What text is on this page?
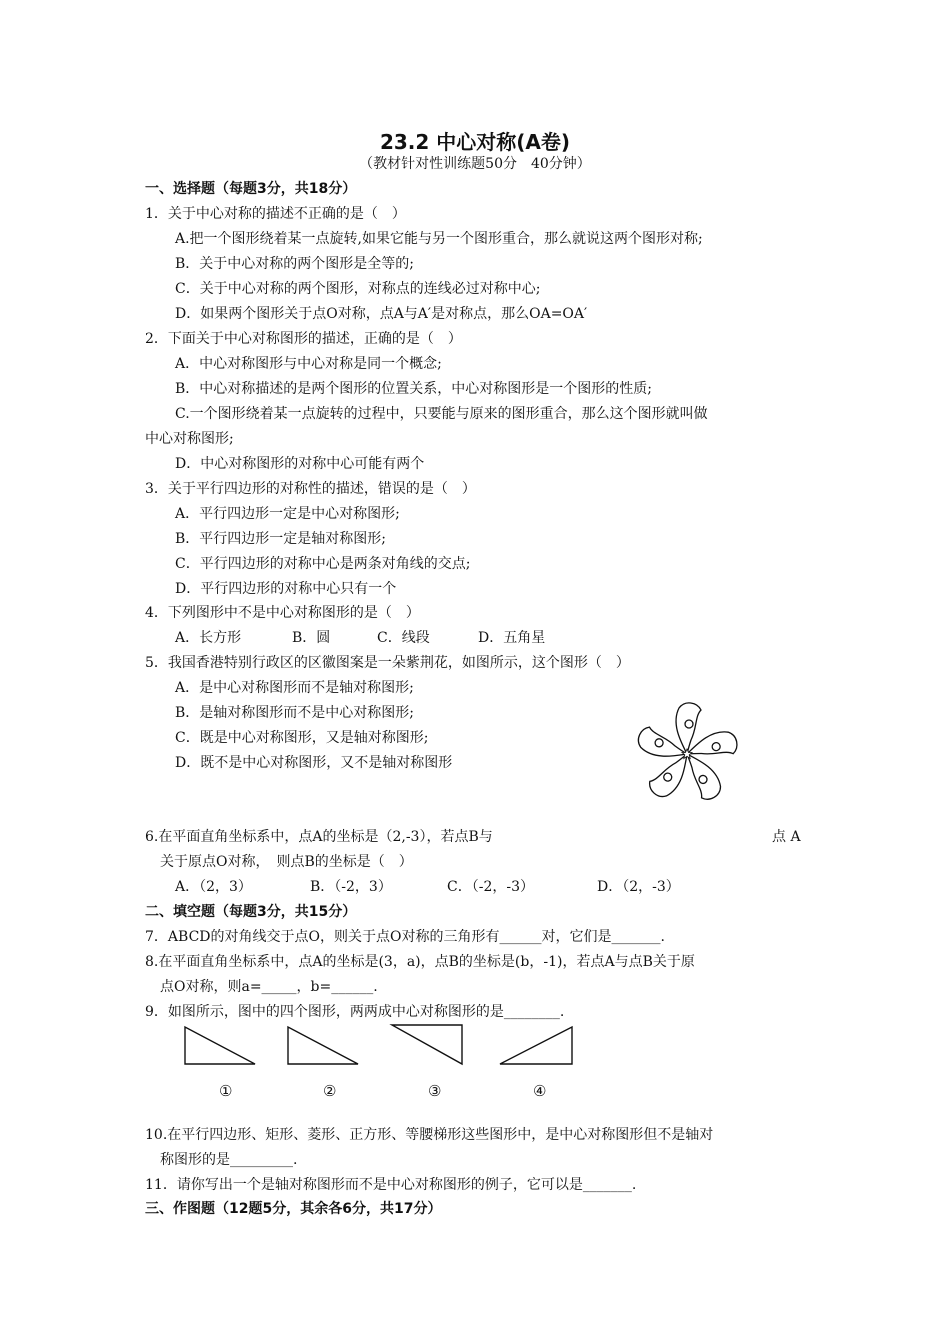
23.2 中心对称(A卷)
（教材针对性训练题50分　40分钟）
一、选择题（每题3分，共18分）
1．关于中心对称的描述不正确的是（　）
A.把一个图形绕着某一点旋转,如果它能与另一个图形重合，那么就说这两个图形对称;
B．关于中心对称的两个图形是全等的;
C．关于中心对称的两个图形，对称点的连线必过对称中心;
D．如果两个图形关于点O对称，点A与A′是对称点，那么OA=OA′
2．下面关于中心对称图形的描述，正确的是（　）
A．中心对称图形与中心对称是同一个概念;
B．中心对称描述的是两个图形的位置关系，中心对称图形是一个图形的性质;
C.一个图形绕着某一点旋转的过程中，只要能与原来的图形重合，那么这个图形就叫做
中心对称图形;
D．中心对称图形的对称中心可能有两个
3．关于平行四边形的对称性的描述，错误的是（　）
A．平行四边形一定是中心对称图形;
B．平行四边形一定是轴对称图形;
C．平行四边形的对称中心是两条对角线的交点;
D．平行四边形的对称中心只有一个
4．下列图形中不是中心对称图形的是（　）
A．长方形	B．圆	C．线段	D．五角星
5．我国香港特别行政区的区徽图案是一朵紫荆花，如图所示，这个图形（　）
A．是中心对称图形而不是轴对称图形;
B．是轴对称图形而不是中心对称图形;
C．既是中心对称图形，又是轴对称图形;
D．既不是中心对称图形，又不是轴对称图形
6.在平面直角坐标系中，点A的坐标是（2,-3），若点B与	点 A
关于原点O对称，　则点B的坐标是（　）
A．（2，3）	B．（-2，3）	C．（-2，-3）	D．（2，-3）
二、填空题（每题3分，共15分）
7．ABCD的对角线交于点O，则关于点O对称的三角形有______对，它们是_______.
8.在平面直角坐标系中，点A的坐标是(3，a)，点B的坐标是(b，-1)，若点A与点B关于原
点O对称，则a=_____，b=______.
9．如图所示，图中的四个图形，两两成中心对称图形的是________.
①	②	③	④
10.在平行四边形、矩形、菱形、正方形、等腰梯形这些图形中，是中心对称图形但不是轴对
称图形的是_________.
11．请你写出一个是轴对称图形而不是中心对称图形的例子，它可以是_______.
三、作图题（12题5分，其余各6分，共17分）
